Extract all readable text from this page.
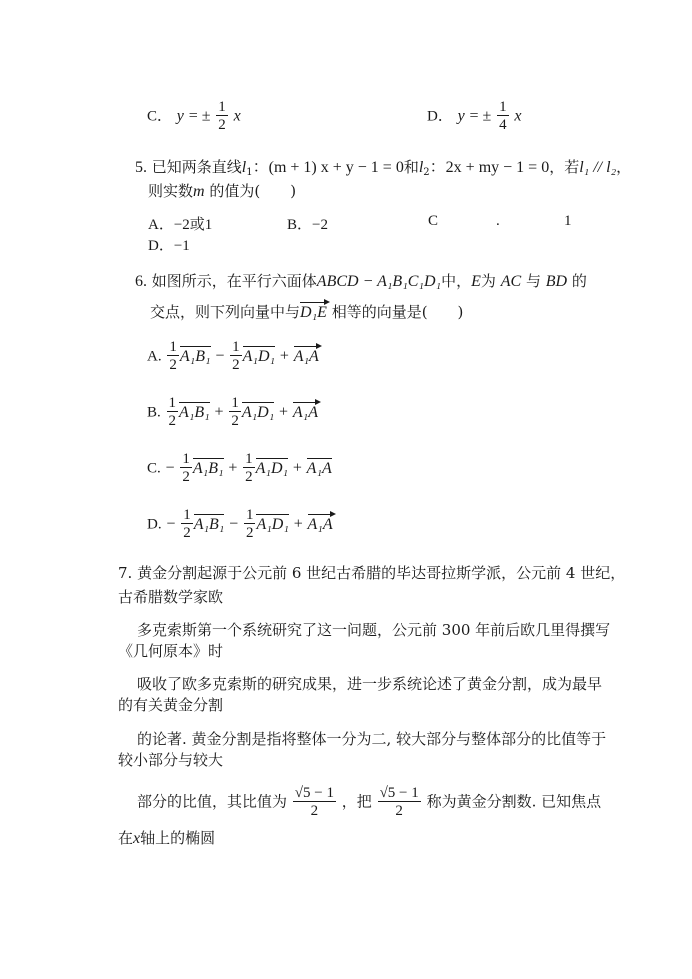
C． y = ± $\frac{1}{2}$ x	D． y = ± $\frac{1}{4}$ x
5. 已知两条直线$l_1$：(m + 1) x + y − 1 = 0和$l_2$：2x + my − 1 = 0，若l₁ // l₂，
则实数m 的值为(　　)
A．−2或1	B．−2	C	.	1
D．−1
6. 如图所示，在平行六面体ABCD − A₁B₁C₁D₁中，E为 AC 与 BD 的
交点，则下列向量中与D₁E 相等的向量是(　　)
A. $\frac{1}{2} A_1B_1 - \frac{1}{2} A_1D_1 + A_1A$
B. $\frac{1}{2} A_1B_1 + \frac{1}{2} A_1D_1 + A_1A$
C. − $\frac{1}{2} A_1B_1 + \frac{1}{2} A_1D_1 + A_1A$
D. − $\frac{1}{2} A_1B_1 - \frac{1}{2} A_1D_1 + A_1A$
7. 黄金分割起源于公元前 6 世纪古希腊的毕达哥拉斯学派，公元前 4 世纪，
古希腊数学家欧
多克索斯第一个系统研究了这一问题，公元前 300 年前后欧几里得撰写
《几何原本》时
吸收了欧多克索斯的研究成果，进一步系统论述了黄金分割，成为最早
的有关黄金分割
的论著. 黄金分割是指将整体一分为二, 较大部分与整体部分的比值等于
较小部分与较大
部分的比值，其比值为 $\frac{√5 - 1}{2}$ ，把 $\frac{√5 - 1}{2}$ 称为黄金分割数. 已知焦点
在x轴上的椭圆
